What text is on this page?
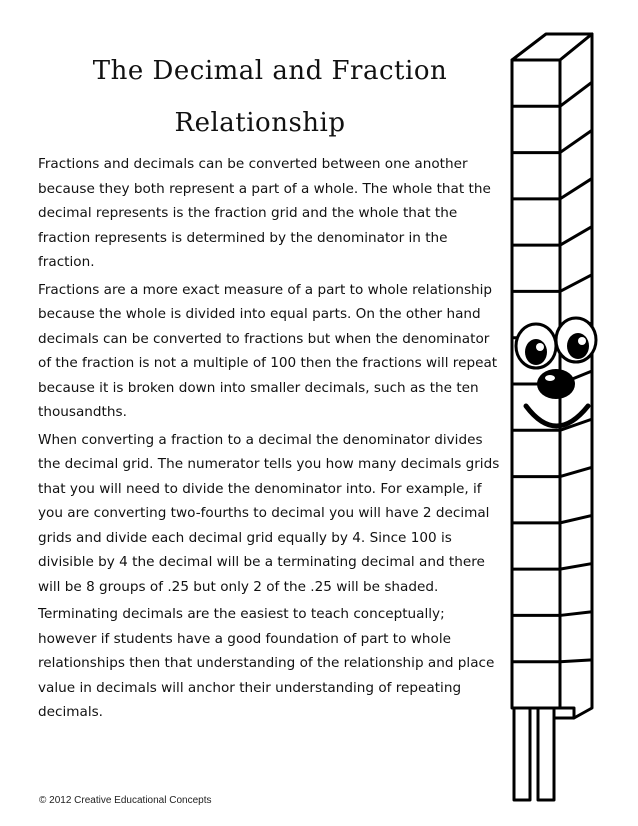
The Decimal and Fraction
Relationship

Fractions and decimals can be converted between one another because they both represent a part of a whole. The whole that the decimal represents is the fraction grid and the whole that the fraction represents is determined by the denominator in the fraction.

Fractions are a more exact measure of a part to whole relationship because the whole is divided into equal parts. On the other hand decimals can be converted to fractions but when the denominator of the fraction is not a multiple of 100 then the fractions will repeat because it is broken down into smaller decimals, such as the ten thousandths.

When converting a fraction to a decimal the denominator divides the decimal grid. The numerator tells you how many decimals grids that you will need to divide the denominator into. For example, if you are converting two-fourths to decimal you will have 2 decimal grids and divide each decimal grid equally by 4. Since 100 is divisible by 4 the decimal will be a terminating decimal and there will be 8 groups of .25 but only 2 of the .25 will be shaded.

Terminating decimals are the easiest to teach conceptually; however if students have a good foundation of part to whole relationships then that understanding of the relationship and place value in decimals will anchor their understanding of repeating decimals.

© 2012 Creative Educational Concepts
